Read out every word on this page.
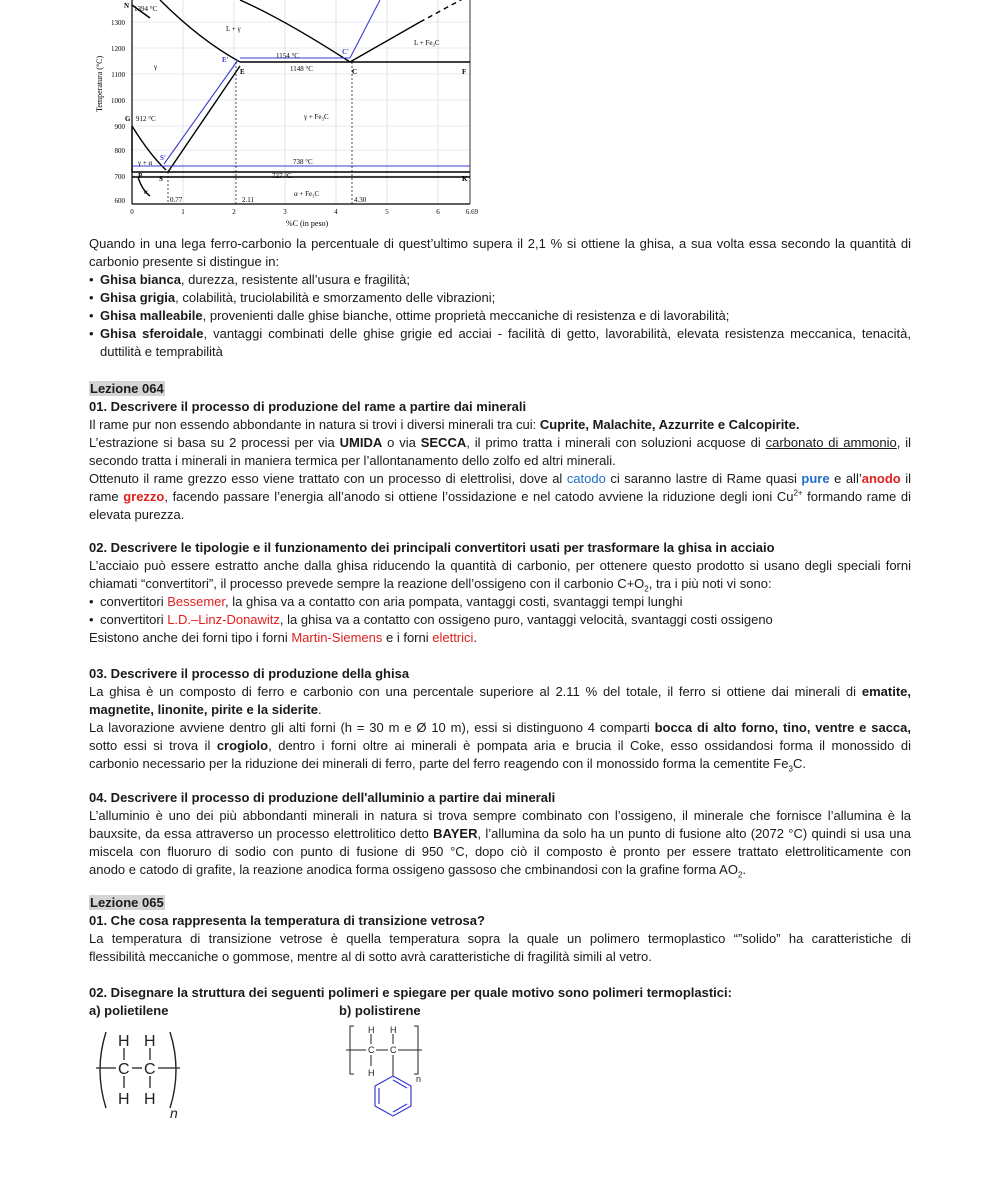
Temperatura (°C)
%C (in peso)
1300
1200
1100
1000
900
800
700
600
0	1	2	3	4	5	6	6.69
N 1394 °C
L + γ
E'
E
C'
C	F
1154 °C
1148 °C
L + Fe₃C
γ
G 912 °C	γ + Fe₃C
S'
γ + α	738 °C
P S	727 °C	K
α	α + Fe₃C
0.77	2.11	4.30
Quando in una lega ferro-carbonio la percentuale di quest’ultimo supera il 2,1 % si ottiene la ghisa, a sua volta essa secondo la quantità di
carbonio presente si distingue in:
• Ghisa bianca, durezza, resistente all’usura e fragilità;
• Ghisa grigia, colabilità, truciolabilità e smorzamento delle vibrazioni;
• Ghisa malleabile, provenienti dalle ghise bianche, ottime proprietà meccaniche di resistenza e di lavorabilità;
• Ghisa sferoidale, vantaggi combinati delle ghise grigie ed acciai - facilità di getto, lavorabilità, elevata resistenza meccanica, tenacità,
duttilità e temprabilità
Lezione 064
01. Descrivere il processo di produzione del rame a partire dai minerali
Il rame pur non essendo abbondante in natura si trovi i diversi minerali tra cui: Cuprite, Malachite, Azzurrite e Calcopirite.
L’estrazione si basa su 2 processi per via UMIDA o via SECCA, il primo tratta i minerali con soluzioni acquose di carbonato di ammonio, il
secondo tratta i minerali in maniera termica per l’allontanamento dello zolfo ed altri minerali.
Ottenuto il rame grezzo esso viene trattato con un processo di elettrolisi, dove al catodo ci saranno lastre di Rame quasi pure e all’anodo il
rame grezzo, facendo passare l’energia all’anodo si ottiene l’ossidazione e nel catodo avviene la riduzione degli ioni $Cu^{2+}$ formando rame di
elevata purezza.
02. Descrivere le tipologie e il funzionamento dei principali convertitori usati per trasformare la ghisa in acciaio
L’acciaio può essere estratto anche dalla ghisa riducendo la quantità di carbonio, per ottenere questo prodotto si usano degli speciali forni
chiamati “convertitori”, il processo prevede sempre la reazione dell’ossigeno con il carbonio $C+O_2$, tra i più noti vi sono:
• convertitori Bessemer, la ghisa va a contatto con aria pompata, vantaggi costi, svantaggi tempi lunghi
• convertitori L.D.–Linz-Donawitz, la ghisa va a contatto con ossigeno puro, vantaggi velocità, svantaggi costi ossigeno
Esistono anche dei forni tipo i forni Martin-Siemens e i forni elettrici.
03. Descrivere il processo di produzione della ghisa
La ghisa è un composto di ferro e carbonio con una percentale superiore al 2.11 % del totale, il ferro si ottiene dai minerali di ematite,
magnetite, linonite, pirite e la siderite.
La lavorazione avviene dentro gli alti forni (h = 30 m e Ø 10 m), essi si distinguono 4 comparti bocca di alto forno, tino, ventre e sacca,
sotto essi si trova il crogiolo, dentro i forni oltre ai minerali è pompata aria e brucia il Coke, esso ossidandosi forma il monossido di
carbonio necessario per la riduzione dei minerali di ferro, parte del ferro reagendo con il monossido forma la cementite $Fe_3C$.
04. Descrivere il processo di produzione dell'alluminio a partire dai minerali
L’alluminio è uno dei più abbondanti minerali in natura si trova sempre combinato con l’ossigeno, il minerale che fornisce l’allumina è la
bauxsite, da essa attraverso un processo elettrolitico detto BAYER, l’allumina da solo ha un punto di fusione alto (2072 °C) quindi si usa una
miscela con fluoruro di sodio con punto di fusione di 950 °C, dopo ciò il composto è pronto per essere trattato elettroliticamente con
anodo e catodo di grafite, la reazione anodica forma ossigeno gassoso che cmbinandosi con la grafine forma $AO_2$.
Lezione 065
01. Che cosa rappresenta la temperatura di transizione vetrosa?
La temperatura di transizione vetrose è quella temperatura sopra la quale un polimero termoplastico “”solido” ha caratteristiche di
flessibilità meccaniche o gommose, mentre al di sotto avrà caratteristiche di fragilità simili al vetro.
02. Disegnare la struttura dei seguenti polimeri e spiegare per quale motivo sono polimeri termoplastici:
a) polietilene	b) polistirene
H H
C C
H H
n
H H
C C
H
n
